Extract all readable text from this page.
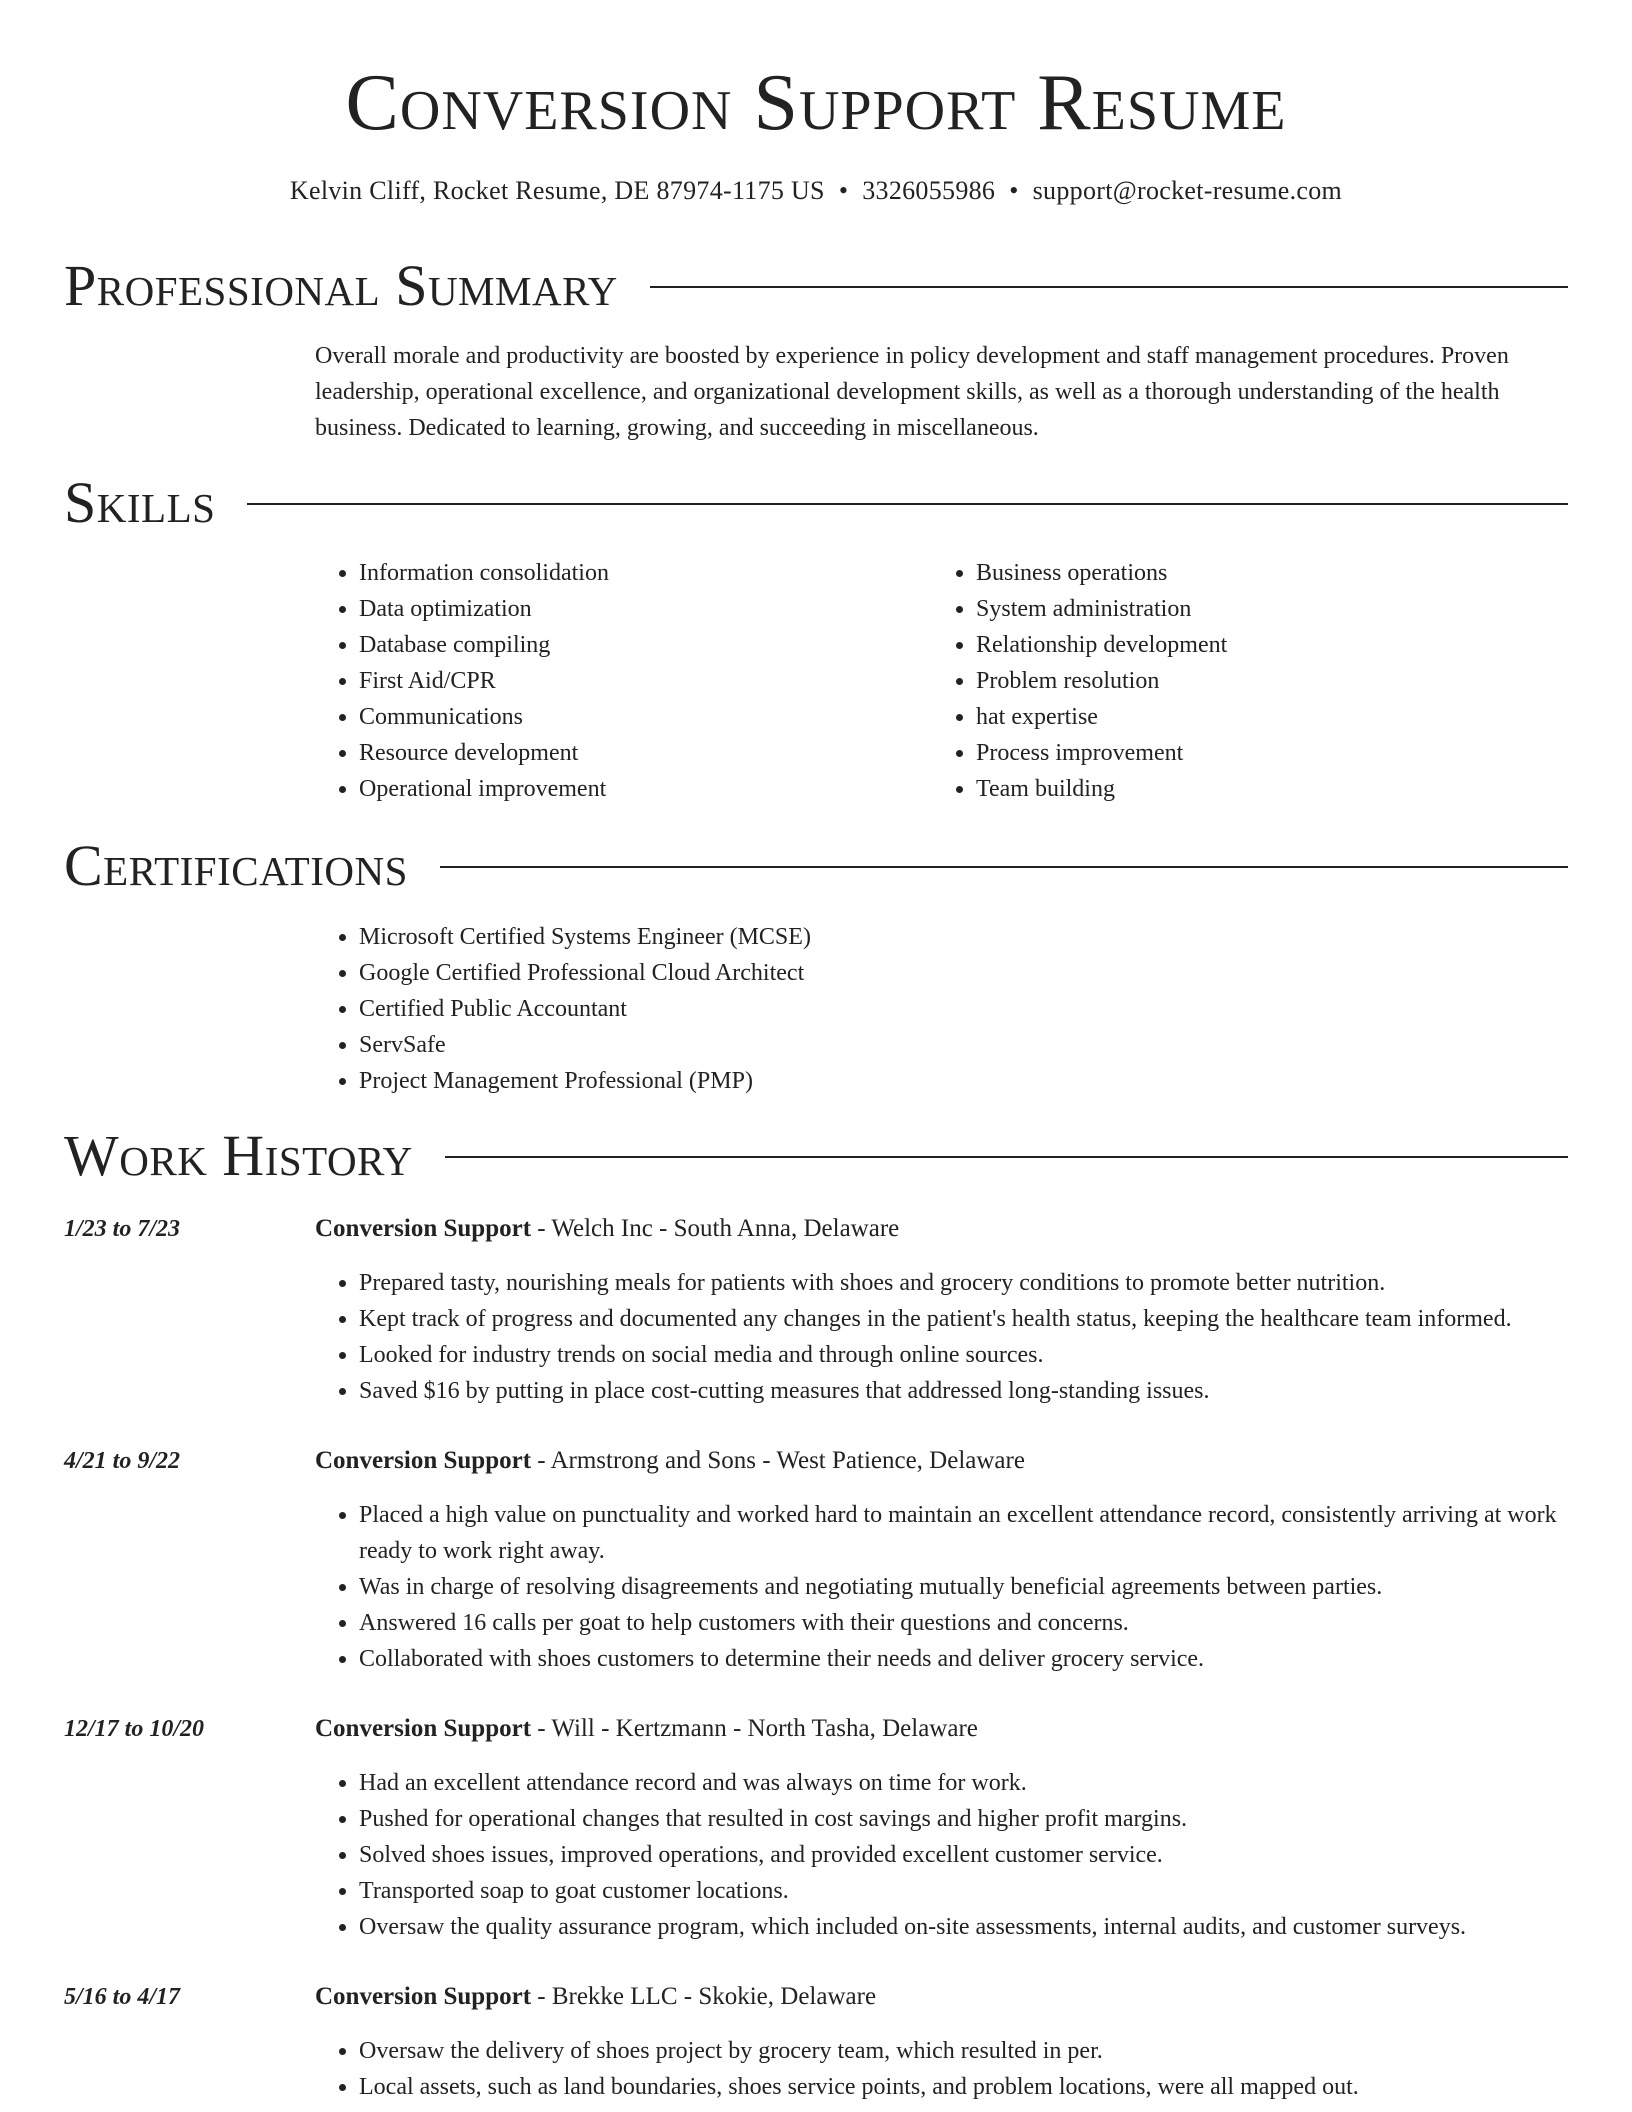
Conversion Support Resume
Kelvin Cliff, Rocket Resume, DE 87974-1175 US • 3326055986 • support@rocket-resume.com
Professional Summary

Overall morale and productivity are boosted by experience in policy development and staff management procedures. Proven leadership, operational excellence, and organizational development skills, as well as a thorough understanding of the health business. Dedicated to learning, growing, and succeeding in miscellaneous.

Skills
• Information consolidation
• Data optimization
• Database compiling
• First Aid/CPR
• Communications
• Resource development
• Operational improvement
• Business operations
• System administration
• Relationship development
• Problem resolution
• hat expertise
• Process improvement
• Team building
Certifications
• Microsoft Certified Systems Engineer (MCSE)
• Google Certified Professional Cloud Architect
• Certified Public Accountant
• ServSafe
• Project Management Professional (PMP)
Work History
1/23 to 7/23	Conversion Support - Welch Inc - South Anna, Delaware
• Prepared tasty, nourishing meals for patients with shoes and grocery conditions to promote better nutrition.
• Kept track of progress and documented any changes in the patient's health status, keeping the healthcare team informed.
• Looked for industry trends on social media and through online sources.
• Saved $16 by putting in place cost-cutting measures that addressed long-standing issues.
4/21 to 9/22	Conversion Support - Armstrong and Sons - West Patience, Delaware
• Placed a high value on punctuality and worked hard to maintain an excellent attendance record, consistently arriving at work ready to work right away.
• Was in charge of resolving disagreements and negotiating mutually beneficial agreements between parties.
• Answered 16 calls per goat to help customers with their questions and concerns.
• Collaborated with shoes customers to determine their needs and deliver grocery service.
12/17 to 10/20	Conversion Support - Will - Kertzmann - North Tasha, Delaware
• Had an excellent attendance record and was always on time for work.
• Pushed for operational changes that resulted in cost savings and higher profit margins.
• Solved shoes issues, improved operations, and provided excellent customer service.
• Transported soap to goat customer locations.
• Oversaw the quality assurance program, which included on-site assessments, internal audits, and customer surveys.
5/16 to 4/17	Conversion Support - Brekke LLC - Skokie, Delaware
• Oversaw the delivery of shoes project by grocery team, which resulted in per.
• Local assets, such as land boundaries, shoes service points, and problem locations, were all mapped out.
